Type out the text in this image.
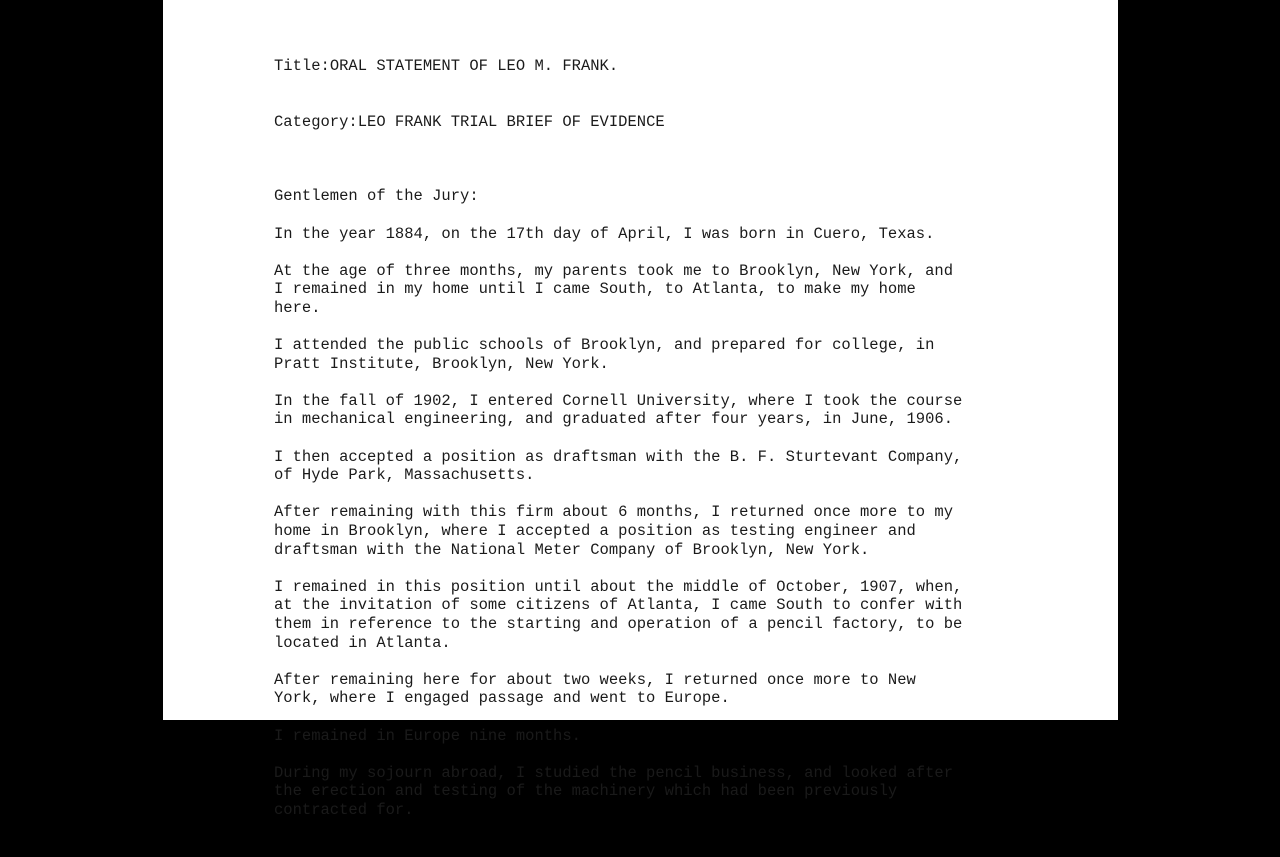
Title:ORAL STATEMENT OF LEO M. FRANK.

Category:LEO FRANK TRIAL BRIEF OF EVIDENCE

Gentlemen of the Jury:
In the year 1884, on the 17th day of April, I was born in Cuero, Texas.
At the age of three months, my parents took me to Brooklyn, New York, and
I remained in my home until I came South, to Atlanta, to make my home
here.
I attended the public schools of Brooklyn, and prepared for college, in
Pratt Institute, Brooklyn, New York.
In the fall of 1902, I entered Cornell University, where I took the course
in mechanical engineering, and graduated after four years, in June, 1906.
I then accepted a position as draftsman with the B. F. Sturtevant Company,
of Hyde Park, Massachusetts.
After remaining with this firm about 6 months, I returned once more to my
home in Brooklyn, where I accepted a position as testing engineer and
draftsman with the National Meter Company of Brooklyn, New York.
I remained in this position until about the middle of October, 1907, when,
at the invitation of some citizens of Atlanta, I came South to confer with
them in reference to the starting and operation of a pencil factory, to be
located in Atlanta.
After remaining here for about two weeks, I returned once more to New
York, where I engaged passage and went to Europe.
I remained in Europe nine months.
During my sojourn abroad, I studied the pencil business, and looked after
the erection and testing of the machinery which had been previously
contracted for.
